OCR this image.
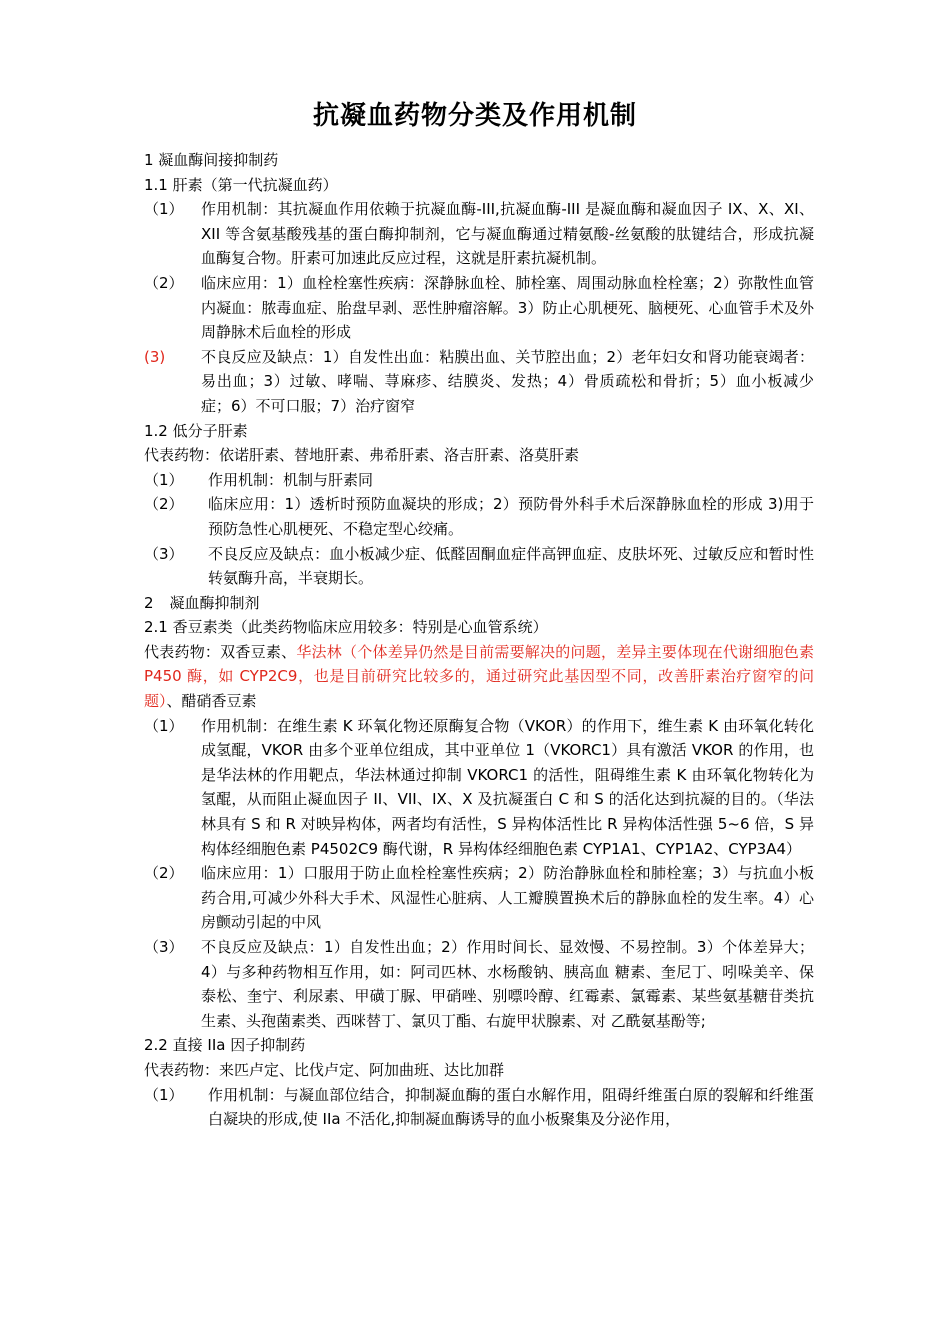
抗凝血药物分类及作用机制
1 凝血酶间接抑制药
1.1 肝素（第一代抗凝血药）
（1）	作用机制：其抗凝血作用依赖于抗凝血酶-III,抗凝血酶-III 是凝血酶和凝血因子 IX、X、XI、XII 等含氨基酸残基的蛋白酶抑制剂，它与凝血酶通过精氨酸-丝氨酸的肽键结合，形成抗凝血酶复合物。肝素可加速此反应过程，这就是肝素抗凝机制。
（2）	临床应用：1）血栓栓塞性疾病：深静脉血栓、肺栓塞、周围动脉血栓栓塞；2）弥散性血管内凝血：脓毒血症、胎盘早剥、恶性肿瘤溶解。3）防止心肌梗死、脑梗死、心血管手术及外周静脉术后血栓的形成
(3)	不良反应及缺点：1）自发性出血：粘膜出血、关节腔出血；2）老年妇女和肾功能衰竭者：易出血；3）过敏、哮喘、荨麻疹、结膜炎、发热；4）骨质疏松和骨折；5）血小板减少症；6）不可口服；7）治疗窗窄
1.2 低分子肝素
代表药物：依诺肝素、替地肝素、弗希肝素、洛吉肝素、洛莫肝素
（1）	作用机制：机制与肝素同
（2）	临床应用：1）透析时预防血凝块的形成；2）预防骨外科手术后深静脉血栓的形成 3)用于预防急性心肌梗死、不稳定型心绞痛。
（3）	不良反应及缺点：血小板减少症、低醛固酮血症伴高钾血症、皮肤坏死、过敏反应和暂时性转氨酶升高，半衰期长。
2 凝血酶抑制剂
2.1 香豆素类（此类药物临床应用较多：特别是心血管系统）
代表药物：双香豆素、华法林（个体差异仍然是目前需要解决的问题，差异主要体现在代谢细胞色素 P450 酶，如 CYP2C9，也是目前研究比较多的，通过研究此基因型不同，改善肝素治疗窗窄的问题）、醋硝香豆素
（1）	作用机制：在维生素 K 环氧化物还原酶复合物（VKOR）的作用下，维生素 K 由环氧化转化成氢醌，VKOR 由多个亚单位组成，其中亚单位 1（VKORC1）具有激活 VKOR 的作用，也是华法林的作用靶点，华法林通过抑制 VKORC1 的活性，阻碍维生素 K 由环氧化物转化为氢醌，从而阻止凝血因子 II、VII、IX、X 及抗凝蛋白 C 和 S 的活化达到抗凝的目的。（华法林具有 S 和 R 对映异构体，两者均有活性，S 异构体活性比 R 异构体活性强 5~6 倍，S 异构体经细胞色素 P4502C9 酶代谢，R 异构体经细胞色素 CYP1A1、CYP1A2、CYP3A4）
（2）	临床应用：1）口服用于防止血栓栓塞性疾病；2）防治静脉血栓和肺栓塞；3）与抗血小板药合用,可减少外科大手术、风湿性心脏病、人工瓣膜置换术后的静脉血栓的发生率。4）心房颤动引起的中风
（3）	不良反应及缺点：1）自发性出血；2）作用时间长、显效慢、不易控制。3）个体差异大；4）与多种药物相互作用，如：阿司匹林、水杨酸钠、胰高血 糖素、奎尼丁、吲哚美辛、保泰松、奎宁、利尿素、甲磺丁脲、甲硝唑、别嘌呤醇、红霉素、氯霉素、某些氨基糖苷类抗生素、头孢菌素类、西咪替丁、氯贝丁酯、右旋甲状腺素、对 乙酰氨基酚等;
2.2 直接 IIa 因子抑制药
代表药物：来匹卢定、比伐卢定、阿加曲班、达比加群
（1）	作用机制：与凝血部位结合，抑制凝血酶的蛋白水解作用，阻碍纤维蛋白原的裂解和纤维蛋白凝块的形成,使 IIa 不活化,抑制凝血酶诱导的血小板聚集及分泌作用，
